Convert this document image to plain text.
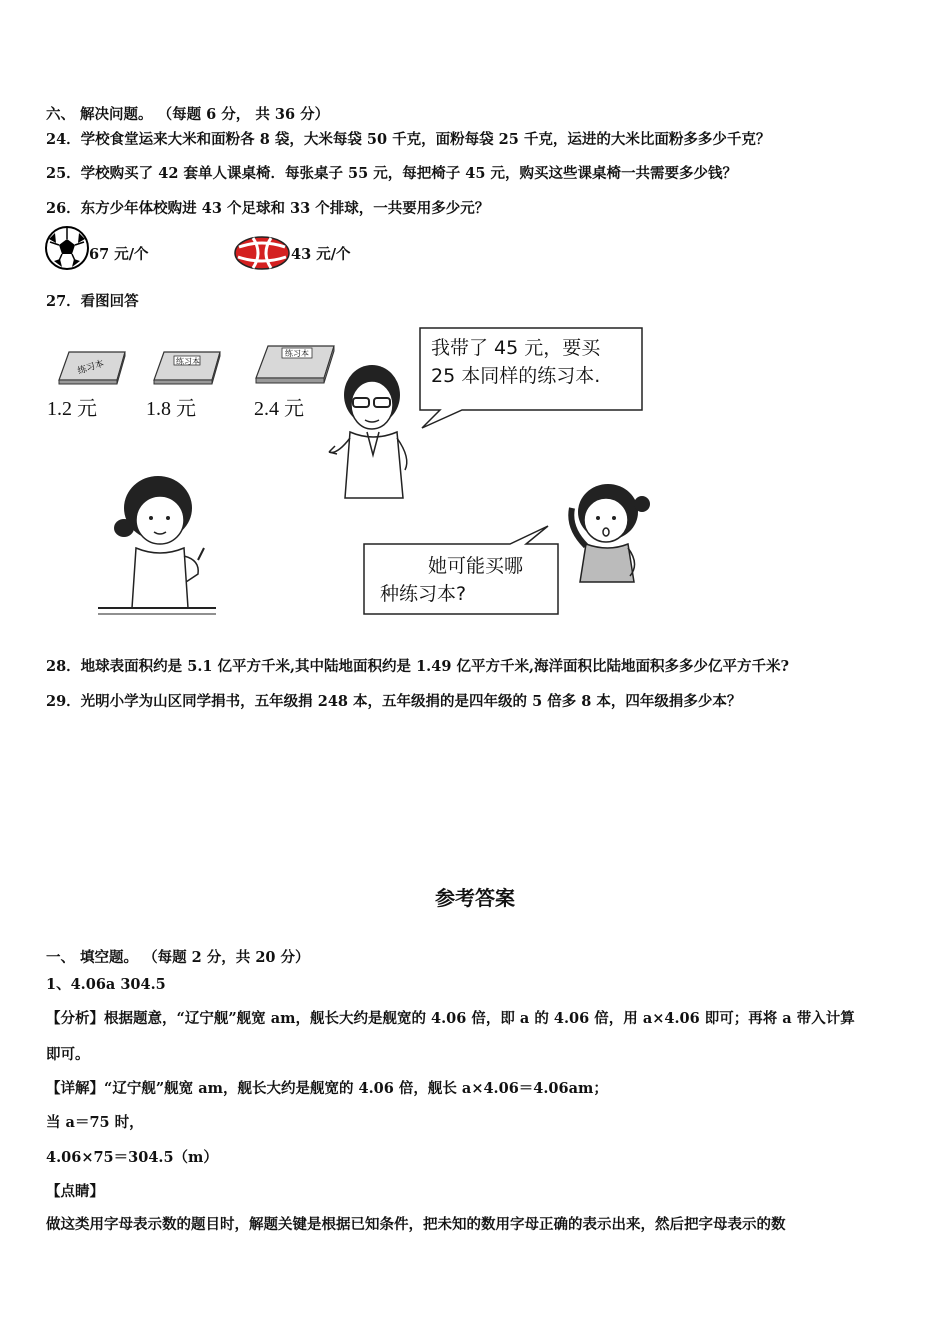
六、 解决问题。 （每题 6 分， 共 36 分）
24．学校食堂运来大米和面粉各 8 袋，大米每袋 50 千克，面粉每袋 25 千克，运进的大米比面粉多多少千克？
25．学校购买了 42 套单人课桌椅．每张桌子 55 元，每把椅子 45 元，购买这些课桌椅一共需要多少钱？
26．东方少年体校购进 43 个足球和 33 个排球，一共要用多少元？
67 元/个	43 元/个
27．看图回答
练习本
1.2 元
练习本
1.8 元
练习本
2.4 元
我带了 45 元，要买
25 本同样的练习本.
她可能买哪
种练习本?
28．地球表面积约是 5.1 亿平方千米,其中陆地面积约是 1.49 亿平方千米,海洋面积比陆地面积多多少亿平方千米?
29．光明小学为山区同学捐书，五年级捐 248 本，五年级捐的是四年级的 5 倍多 8 本，四年级捐多少本？
参考答案
一、 填空题。 （每题 2 分，共 20 分）
1、4.06a 304.5
【分析】根据题意，“辽宁舰”舰宽 am，舰长大约是舰宽的 4.06 倍，即 a 的 4.06 倍，用 a×4.06 即可；再将 a 带入计算
即可。
【详解】“辽宁舰”舰宽 am，舰长大约是舰宽的 4.06 倍，舰长 a×4.06＝4.06am；
当 a＝75 时，
4.06×75＝304.5（m）
【点睛】
做这类用字母表示数的题目时，解题关键是根据已知条件，把未知的数用字母正确的表示出来，然后把字母表示的数
